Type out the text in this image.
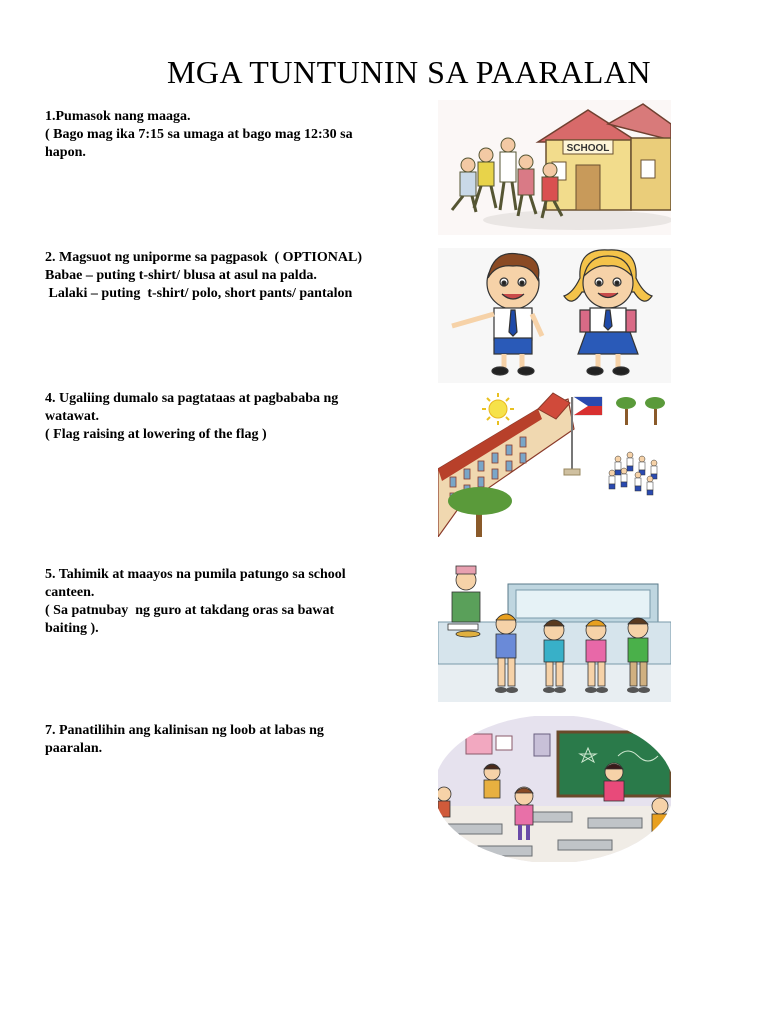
MGA TUNTUNIN SA PAARALAN
1.Pumasok nang maaga.
( Bago mag ika 7:15 sa umaga at bago mag 12:30 sa
hapon.	SCHOOL
2. Magsuot ng uniporme sa pagpasok  ( OPTIONAL)
Babae – puting t-shirt/ blusa at asul na palda.
Lalaki – puting  t-shirt/ polo, short pants/ pantalon
4. Ugaliing dumalo sa pagtataas at pagbababa ng
watawat.
( Flag raising at lowering of the flag )
5. Tahimik at maayos na pumila patungo sa school
canteen.
( Sa patnubay  ng guro at takdang oras sa bawat
baiting ).
7. Panatilihin ang kalinisan ng loob at labas ng
paaralan.
